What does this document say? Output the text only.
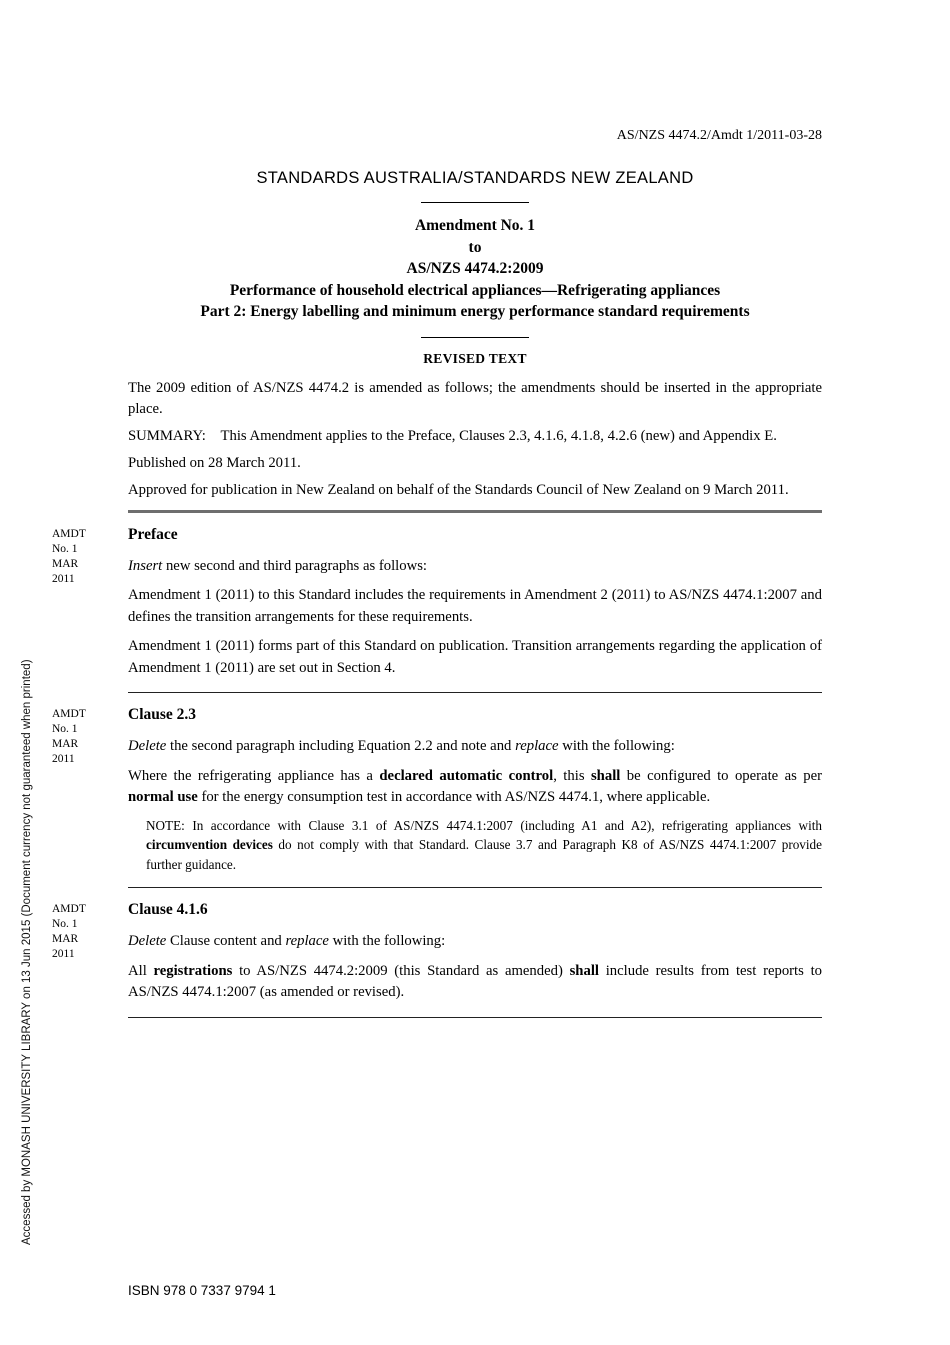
AS/NZS 4474.2/Amdt 1/2011-03-28
STANDARDS AUSTRALIA/STANDARDS NEW ZEALAND
Amendment No. 1
to
AS/NZS 4474.2:2009
Performance of household electrical appliances—Refrigerating appliances
Part 2: Energy labelling and minimum energy performance standard requirements
REVISED TEXT

The 2009 edition of AS/NZS 4474.2 is amended as follows; the amendments should be inserted in the appropriate place.

SUMMARY: This Amendment applies to the Preface, Clauses 2.3, 4.1.6, 4.1.8, 4.2.6 (new) and Appendix E.

Published on 28 March 2011.

Approved for publication in New Zealand on behalf of the Standards Council of New Zealand on 9 March 2011.

AMDT
No. 1
MAR
2011
Preface

Insert new second and third paragraphs as follows:

Amendment 1 (2011) to this Standard includes the requirements in Amendment 2 (2011) to AS/NZS 4474.1:2007 and defines the transition arrangements for these requirements.

Amendment 1 (2011) forms part of this Standard on publication. Transition arrangements regarding the application of Amendment 1 (2011) are set out in Section 4.

AMDT
No. 1
MAR
2011
Clause 2.3

Delete the second paragraph including Equation 2.2 and note and replace with the following:

Where the refrigerating appliance has a declared automatic control, this shall be configured to operate as per normal use for the energy consumption test in accordance with AS/NZS 4474.1, where applicable.

NOTE: In accordance with Clause 3.1 of AS/NZS 4474.1:2007 (including A1 and A2), refrigerating appliances with circumvention devices do not comply with that Standard. Clause 3.7 and Paragraph K8 of AS/NZS 4474.1:2007 provide further guidance.

AMDT
No. 1
MAR
2011
Clause 4.1.6

Delete Clause content and replace with the following:

All registrations to AS/NZS 4474.2:2009 (this Standard as amended) shall include results from test reports to AS/NZS 4474.1:2007 (as amended or revised).

ISBN 978 0 7337 9794 1
Accessed by MONASH UNIVERSITY LIBRARY on 13 Jun 2015 (Document currency not guaranteed when printed)
